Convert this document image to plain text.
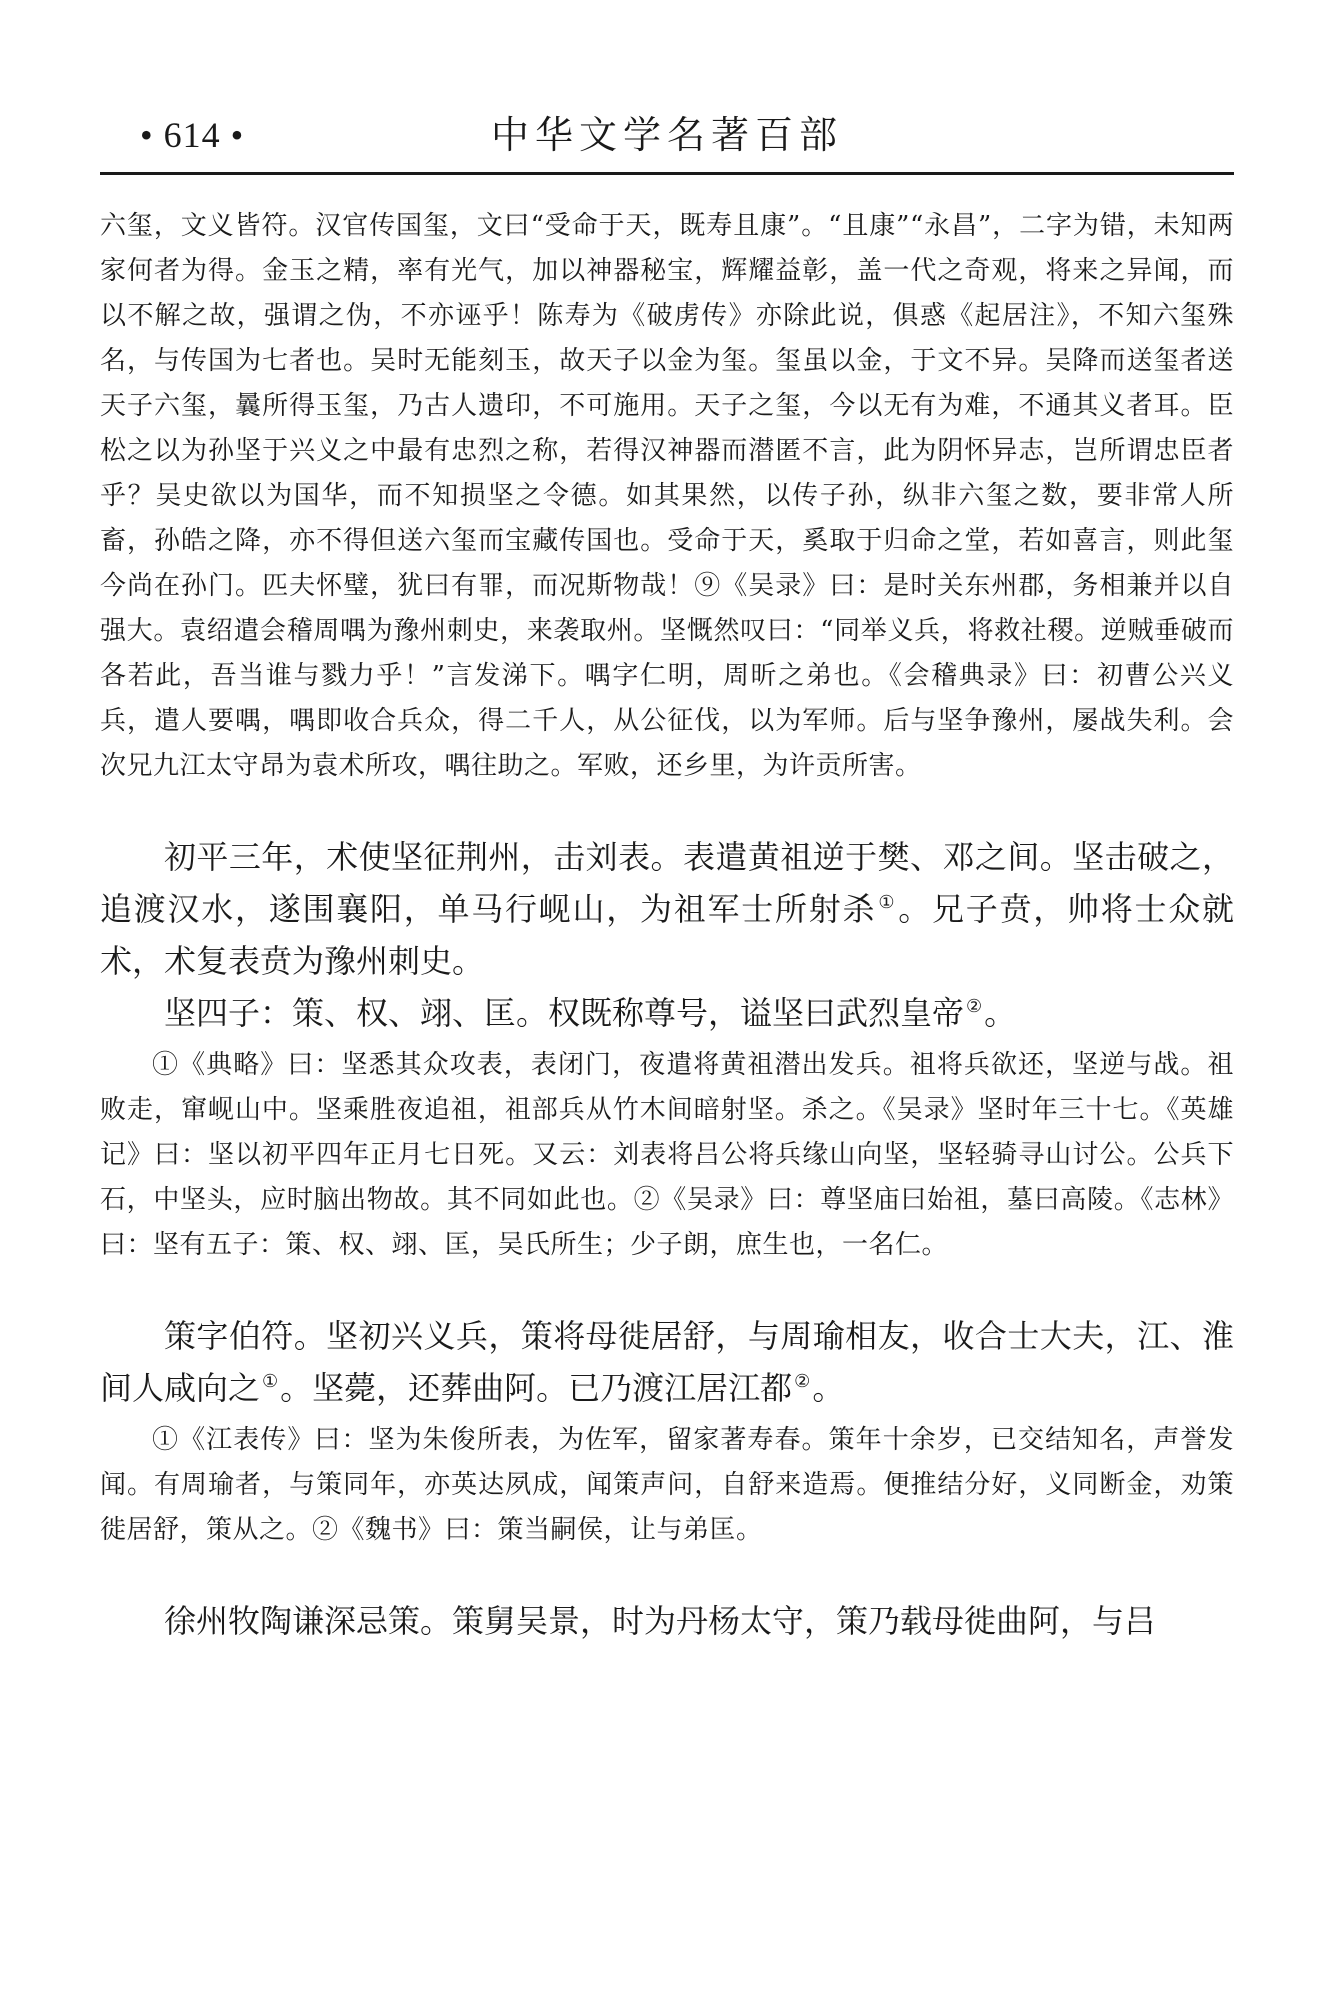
• 614 •	中华文学名著百部

六玺，文义皆符。汉官传国玺，文曰“受命于天，既寿且康”。“且康”“永昌”，二字为错，未知两家何者为得。金玉之精，率有光气，加以神器秘宝，辉耀益彰，盖一代之奇观，将来之异闻，而以不解之故，强谓之伪，不亦诬乎！陈寿为《破虏传》亦除此说，俱惑《起居注》，不知六玺殊名，与传国为七者也。吴时无能刻玉，故天子以金为玺。玺虽以金，于文不异。吴降而送玺者送天子六玺，曩所得玉玺，乃古人遗印，不可施用。天子之玺，今以无有为难，不通其义者耳。臣松之以为孙坚于兴义之中最有忠烈之称，若得汉神器而潜匿不言，此为阴怀异志，岂所谓忠臣者乎？吴史欲以为国华，而不知损坚之令德。如其果然，以传子孙，纵非六玺之数，要非常人所畜，孙皓之降，亦不得但送六玺而宝藏传国也。受命于天，奚取于归命之堂，若如喜言，则此玺今尚在孙门。匹夫怀璧，犹曰有罪，而况斯物哉！⑨《吴录》曰：是时关东州郡，务相兼并以自强大。袁绍遣会稽周喁为豫州刺史，来袭取州。坚慨然叹曰：“同举义兵，将救社稷。逆贼垂破而各若此，吾当谁与戮力乎！”言发涕下。喁字仁明，周昕之弟也。《会稽典录》曰：初曹公兴义兵，遣人要喁，喁即收合兵众，得二千人，从公征伐，以为军师。后与坚争豫州，屡战失利。会次兄九江太守昂为袁术所攻，喁往助之。军败，还乡里，为许贡所害。

初平三年，术使坚征荆州，击刘表。表遣黄祖逆于樊、邓之间。坚击破之，追渡汉水，遂围襄阳，单马行岘山，为祖军士所射杀 ①。兄子贲，帅将士众就术，术复表贲为豫州刺史。

坚四子：策、权、翊、匡。权既称尊号，谥坚曰武烈皇帝 ②。

①《典略》曰：坚悉其众攻表，表闭门，夜遣将黄祖潜出发兵。祖将兵欲还，坚逆与战。祖败走，窜岘山中。坚乘胜夜追祖，祖部兵从竹木间暗射坚。杀之。《吴录》坚时年三十七。《英雄记》曰：坚以初平四年正月七日死。又云：刘表将吕公将兵缘山向坚，坚轻骑寻山讨公。公兵下石，中坚头，应时脑出物故。其不同如此也。②《吴录》曰：尊坚庙曰始祖，墓曰高陵。《志林》曰：坚有五子：策、权、翊、匡，吴氏所生；少子朗，庶生也，一名仁。

策字伯符。坚初兴义兵，策将母徙居舒，与周瑜相友，收合士大夫，江、淮间人咸向之 ①。坚薨，还葬曲阿。已乃渡江居江都 ②。

①《江表传》曰：坚为朱俊所表，为佐军，留家著寿春。策年十余岁，已交结知名，声誉发闻。有周瑜者，与策同年，亦英达夙成，闻策声问，自舒来造焉。便推结分好，义同断金，劝策徙居舒，策从之。②《魏书》曰：策当嗣侯，让与弟匡。

徐州牧陶谦深忌策。策舅吴景，时为丹杨太守，策乃载母徙曲阿，与吕
